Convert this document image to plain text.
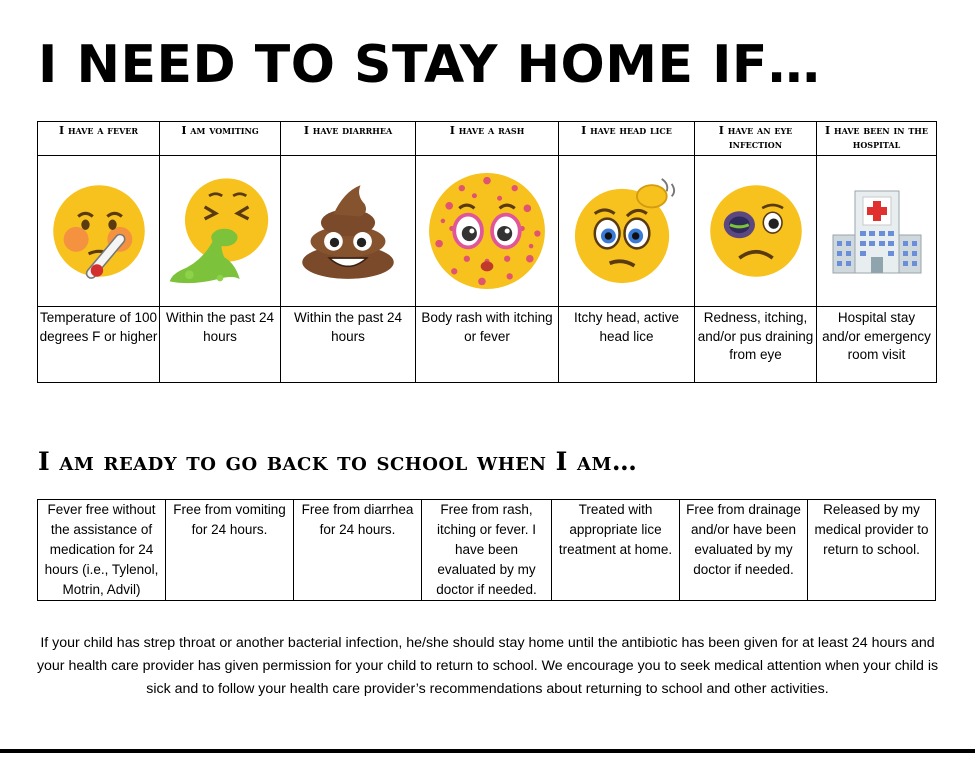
I NEED TO STAY HOME IF…
I have a fever	I am vomiting	I have diarrhea	I have a rash	I have head lice	I have an eye infection	I have been in the hospital

Temperature of 100 degrees F or higher	Within the past 24 hours	Within the past 24 hours	Body rash with itching or fever	Itchy head, active head lice	Redness, itching, and/or pus draining from eye	Hospital stay and/or emergency room visit
I am ready to go back to school when I am…
Fever free without the assistance of medication for 24 hours (i.e., Tylenol, Motrin, Advil)	Free from vomiting for 24 hours.	Free from diarrhea for 24 hours.	Free from rash, itching or fever. I have been evaluated by my doctor if needed.	Treated with appropriate lice treatment at home.	Free from drainage and/or have been evaluated by my doctor if needed.	Released by my medical provider to return to school.
If your child has strep throat or another bacterial infection, he/she should stay home until the antibiotic has been given for at least 24 hours and your health care provider has given permission for your child to return to school. We encourage you to seek medical attention when your child is sick and to follow your health care provider’s recommendations about returning to school and other activities.
